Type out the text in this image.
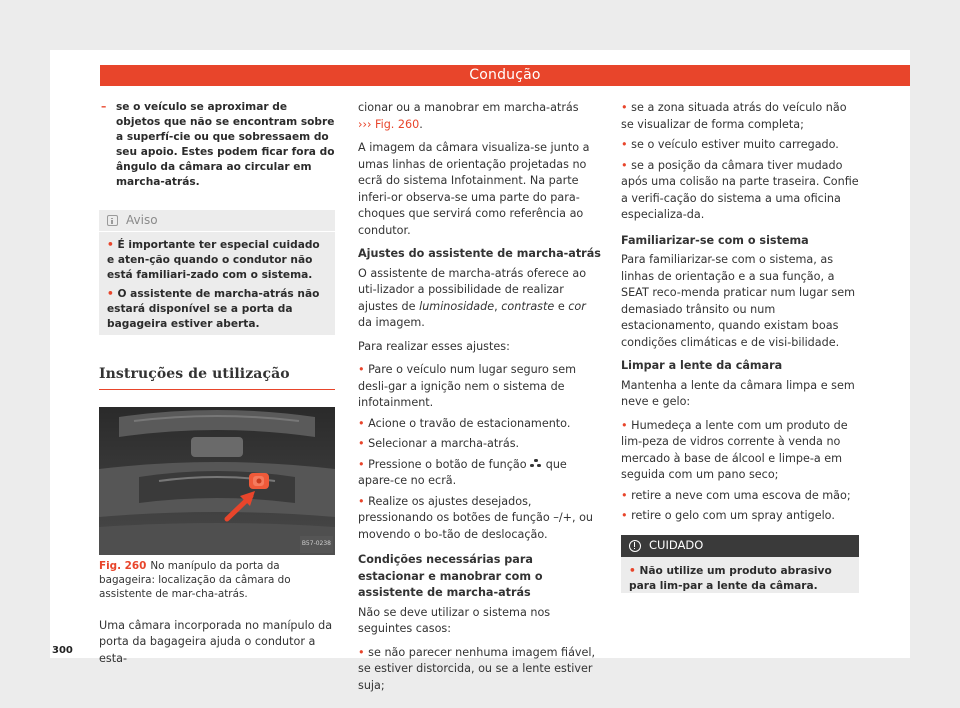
Condução
– se o veículo se aproximar de objetos que não se encontram sobre a superfí-cie ou que sobressaem do seu apoio. Estes podem ficar fora do ângulo da câmara ao circular em marcha-atrás.
Aviso

• É importante ter especial cuidado e aten-ção quando o condutor não está familiari-zado com o sistema.

• O assistente de marcha-atrás não estará disponível se a porta da bagageira estiver aberta.

Instruções de utilização
B57-0238

Fig. 260 No manípulo da porta da bagageira: localização da câmara do assistente de mar-cha-atrás.

Uma câmara incorporada no manípulo da porta da bagageira ajuda o condutor a esta-

cionar ou a manobrar em marcha-atrás
››› Fig. 260.

A imagem da câmara visualiza-se junto a umas linhas de orientação projetadas no ecrã do sistema Infotainment. Na parte inferi-or observa-se uma parte do para-choques que servirá como referência ao condutor.

Ajustes do assistente de marcha-atrás

O assistente de marcha-atrás oferece ao uti-lizador a possibilidade de realizar ajustes de luminosidade, contraste e cor da imagem.

Para realizar esses ajustes:

• Pare o veículo num lugar seguro sem desli-gar a ignição nem o sistema de infotainment.

• Acione o travão de estacionamento.

• Selecionar a marcha-atrás.

• Pressione o botão de função que apare-ce no ecrã.

• Realize os ajustes desejados, pressionando os botões de função –/+, ou movendo o bo-tão de deslocação.

Condições necessárias para estacionar e manobrar com o assistente de marcha-atrás

Não se deve utilizar o sistema nos seguintes casos:

• se não parecer nenhuma imagem fiável, se estiver distorcida, ou se a lente estiver suja;

• se a zona situada atrás do veículo não se visualizar de forma completa;

• se o veículo estiver muito carregado.

• se a posição da câmara tiver mudado após uma colisão na parte traseira. Confie a verifi-cação do sistema a uma oficina especializa-da.

Familiarizar-se com o sistema

Para familiarizar-se com o sistema, as linhas de orientação e a sua função, a SEAT reco-menda praticar num lugar sem demasiado trânsito ou num estacionamento, quando existam boas condições climáticas e de visi-bilidade.

Limpar a lente da câmara

Mantenha a lente da câmara limpa e sem neve e gelo:

• Humedeça a lente com um produto de lim-peza de vidros corrente à venda no mercado à base de álcool e limpe-a em seguida com um pano seco;

• retire a neve com uma escova de mão;

• retire o gelo com um spray antigelo.

CUIDADO

• Não utilize um produto abrasivo para lim-par a lente da câmara.

300
